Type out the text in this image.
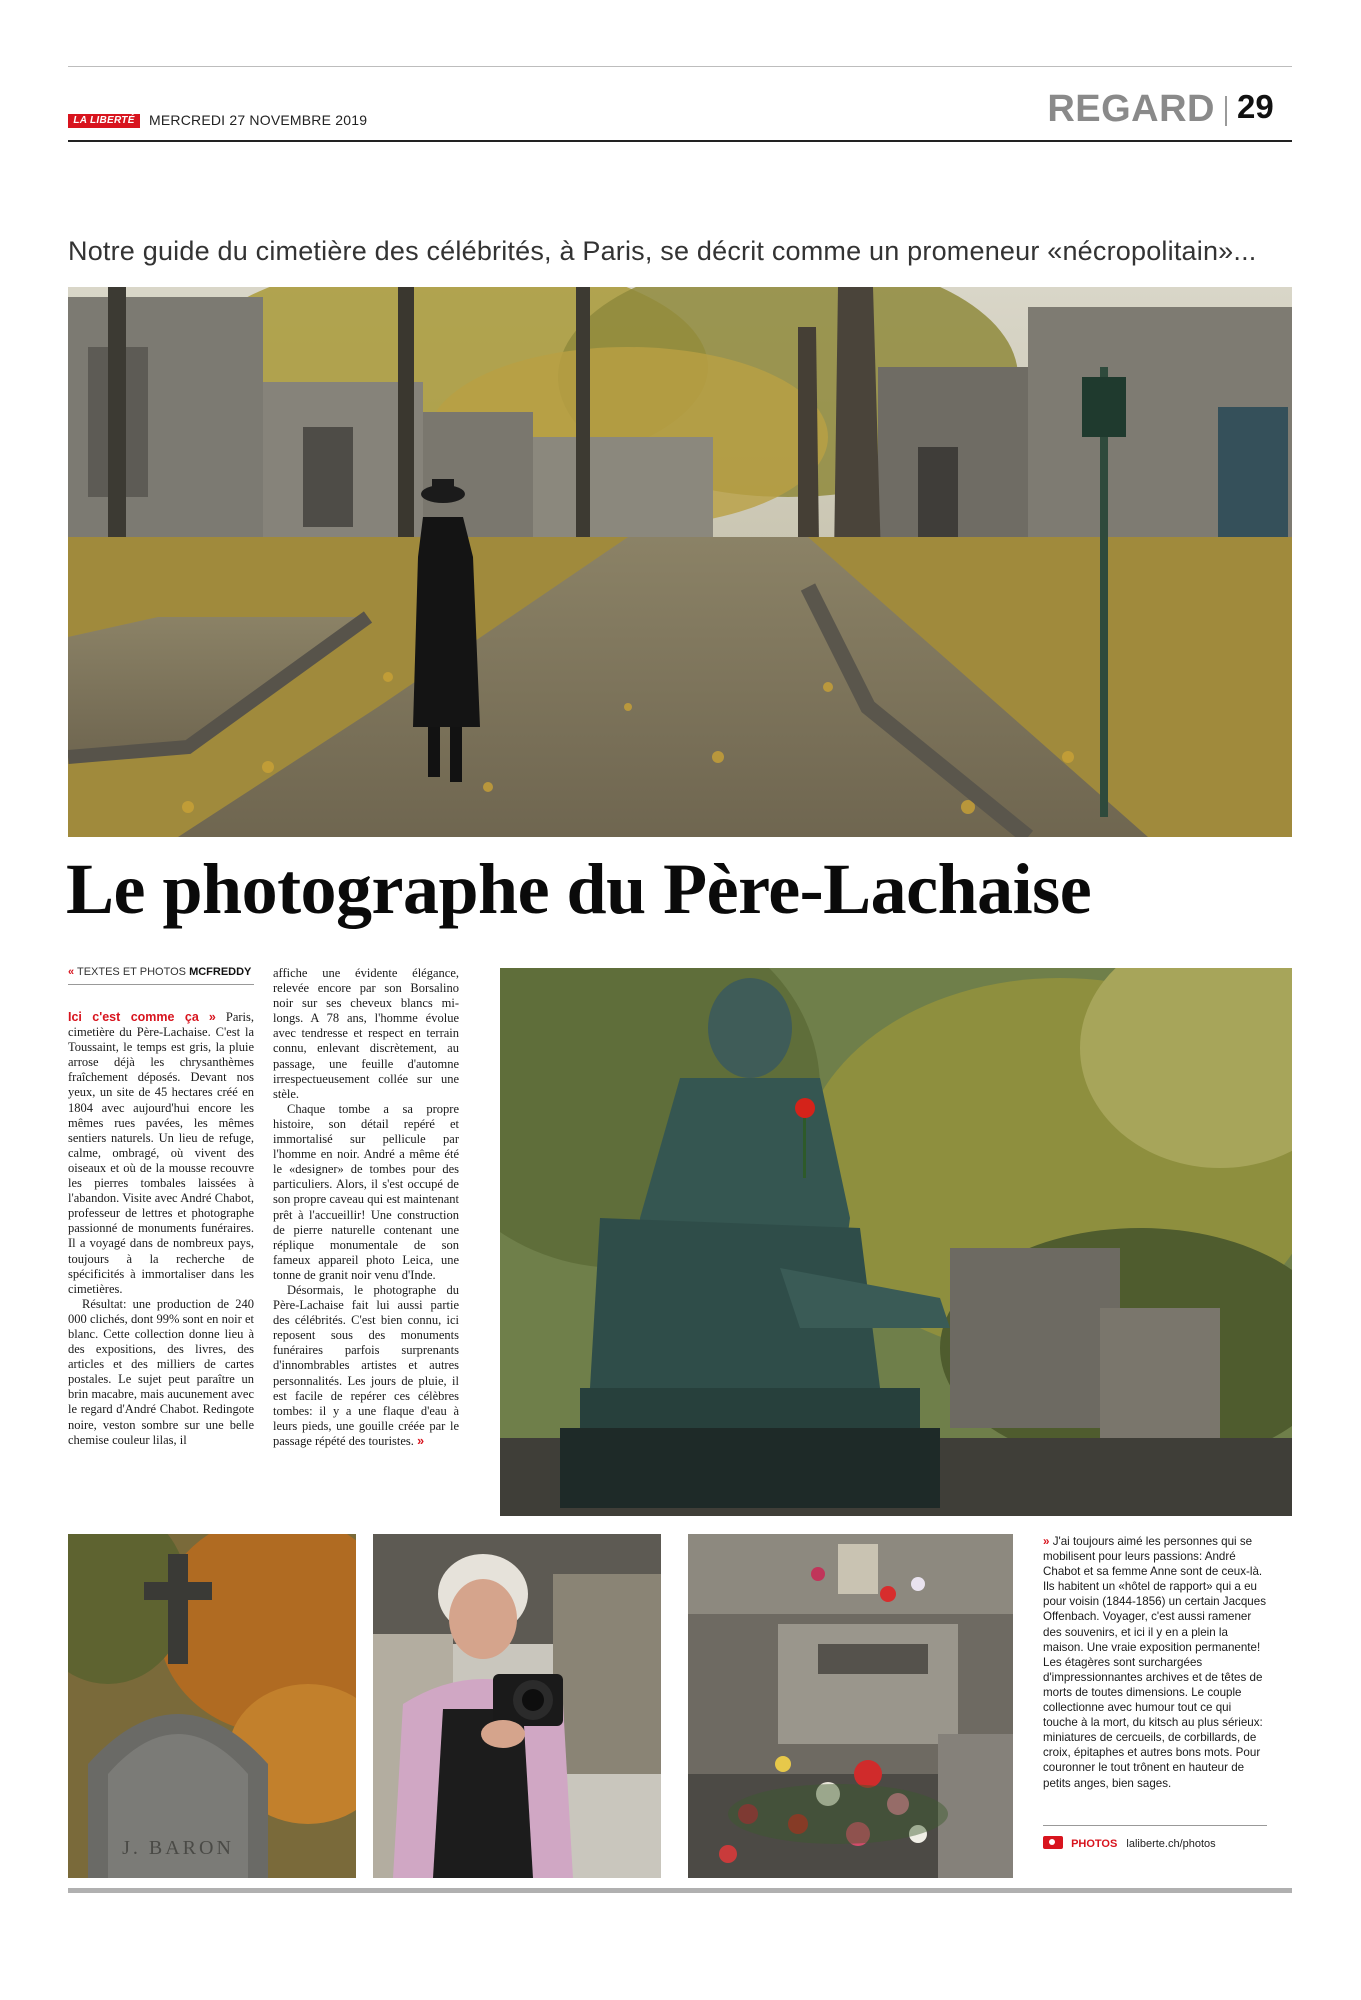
LA LIBERTÉ	MERCREDI 27 NOVEMBRE 2019	REGARD 29
Notre guide du cimetière des célébrités, à Paris, se décrit comme un promeneur «nécropolitain»...
Le photographe du Père-Lachaise
« TEXTES ET PHOTOS MCFREDDY

Ici c'est comme ça » Paris, cimetière du Père-Lachaise. C'est la Toussaint, le temps est gris, la pluie arrose déjà les chrysanthèmes fraîchement déposés. Devant nos yeux, un site de 45 hectares créé en 1804 avec aujourd'hui encore les mêmes rues pavées, les mêmes sentiers naturels. Un lieu de refuge, calme, ombragé, où vivent des oiseaux et où de la mousse recouvre les pierres tombales laissées à l'abandon. Visite avec André Chabot, professeur de lettres et photographe passionné de monuments funéraires. Il a voyagé dans de nombreux pays, toujours à la recherche de spécificités à immortaliser dans les cimetières.

Résultat: une production de 240 000 clichés, dont 99% sont en noir et blanc. Cette collection donne lieu à des expositions, des livres, des articles et des milliers de cartes postales. Le sujet peut paraître un brin macabre, mais aucunement avec le regard d'André Chabot. Redingote noire, veston sombre sur une belle chemise couleur lilas, il

affiche une évidente élégance, relevée encore par son Borsalino noir sur ses cheveux blancs mi-longs. A 78 ans, l'homme évolue avec tendresse et respect en terrain connu, enlevant discrètement, au passage, une feuille d'automne irrespectueusement collée sur une stèle.

Chaque tombe a sa propre histoire, son détail repéré et immortalisé sur pellicule par l'homme en noir. André a même été le «designer» de tombes pour des particuliers. Alors, il s'est occupé de son propre caveau qui est maintenant prêt à l'accueillir! Une construction de pierre naturelle contenant une réplique monumentale de son fameux appareil photo Leica, une tonne de granit noir venu d'Inde.

Désormais, le photographe du Père-Lachaise fait lui aussi partie des célébrités. C'est bien connu, ici reposent sous des monuments funéraires parfois surprenants d'innombrables artistes et autres personnalités. Les jours de pluie, il est facile de repérer ces célèbres tombes: il y a une flaque d'eau à leurs pieds, une gouille créée par le passage répété des touristes. »

J. BARON
» J'ai toujours aimé les personnes qui se mobilisent pour leurs passions: André Chabot et sa femme Anne sont de ceux-là. Ils habitent un «hôtel de rapport» qui a eu pour voisin (1844-1856) un certain Jacques Offenbach. Voyager, c'est aussi ramener des souvenirs, et ici il y en a plein la maison. Une vraie exposition permanente! Les étagères sont surchargées d'impressionnantes archives et de têtes de morts de toutes dimensions. Le couple collectionne avec humour tout ce qui touche à la mort, du kitsch au plus sérieux: miniatures de cercueils, de corbillards, de croix, épitaphes et autres bons mots. Pour couronner le tout trônent en hauteur de petits anges, bien sages.
PHOTOS laliberte.ch/photos
